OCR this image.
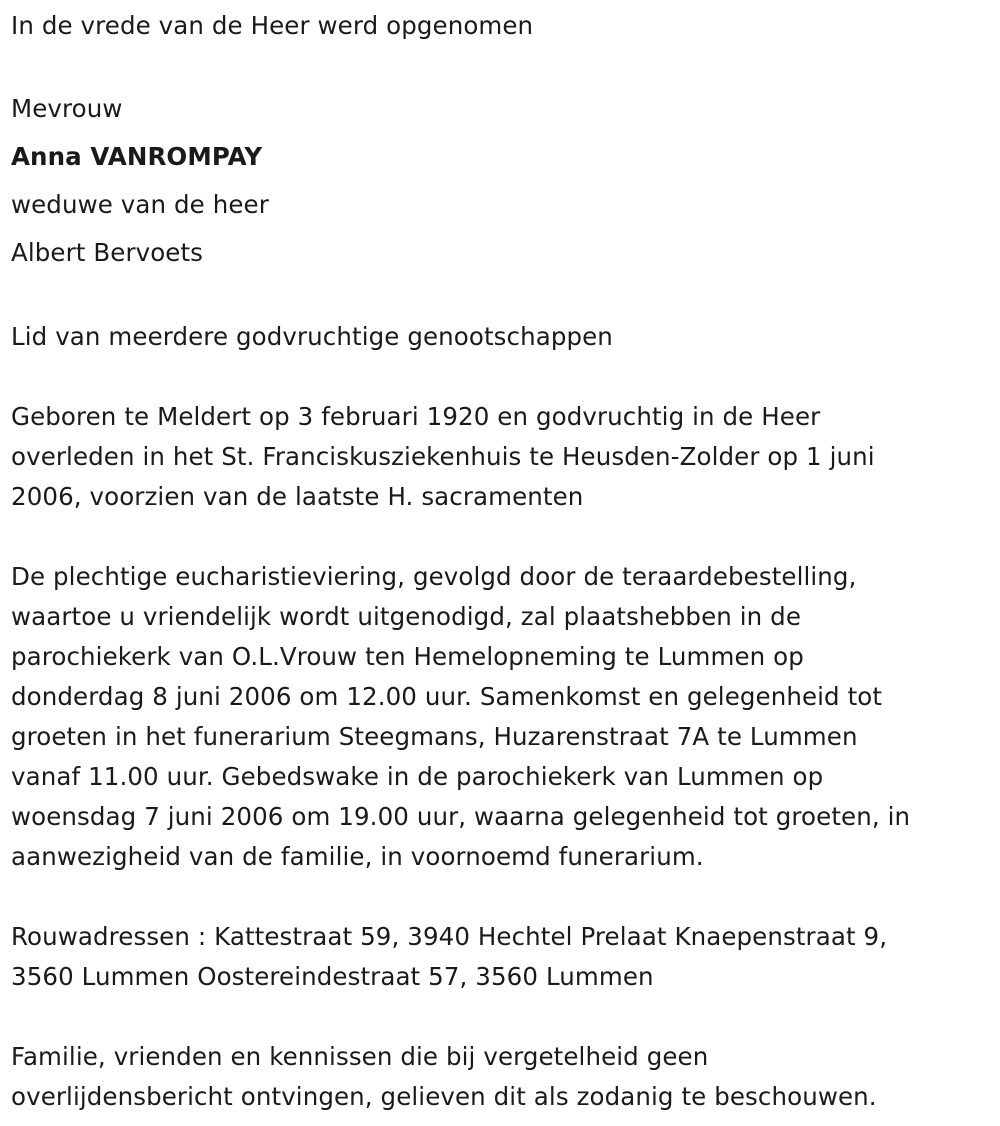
In de vrede van de Heer werd opgenomen

Mevrouw

Anna VANROMPAY

weduwe van de heer

Albert Bervoets

Lid van meerdere godvruchtige genootschappen

Geboren te Meldert op 3 februari 1920 en godvruchtig in de Heer

overleden in het St. Franciskusziekenhuis te Heusden-Zolder op 1 juni

2006, voorzien van de laatste H. sacramenten

De plechtige eucharistieviering, gevolgd door de teraardebestelling,

waartoe u vriendelijk wordt uitgenodigd, zal plaatshebben in de

parochiekerk van O.L.Vrouw ten Hemelopneming te Lummen op

donderdag 8 juni 2006 om 12.00 uur. Samenkomst en gelegenheid tot

groeten in het funerarium Steegmans, Huzarenstraat 7A te Lummen

vanaf 11.00 uur. Gebedswake in de parochiekerk van Lummen op

woensdag 7 juni 2006 om 19.00 uur, waarna gelegenheid tot groeten, in

aanwezigheid van de familie, in voornoemd funerarium.

Rouwadressen : Kattestraat 59, 3940 Hechtel Prelaat Knaepenstraat 9,

3560 Lummen Oostereindestraat 57, 3560 Lummen

Familie, vrienden en kennissen die bij vergetelheid geen

overlijdensbericht ontvingen, gelieven dit als zodanig te beschouwen.
